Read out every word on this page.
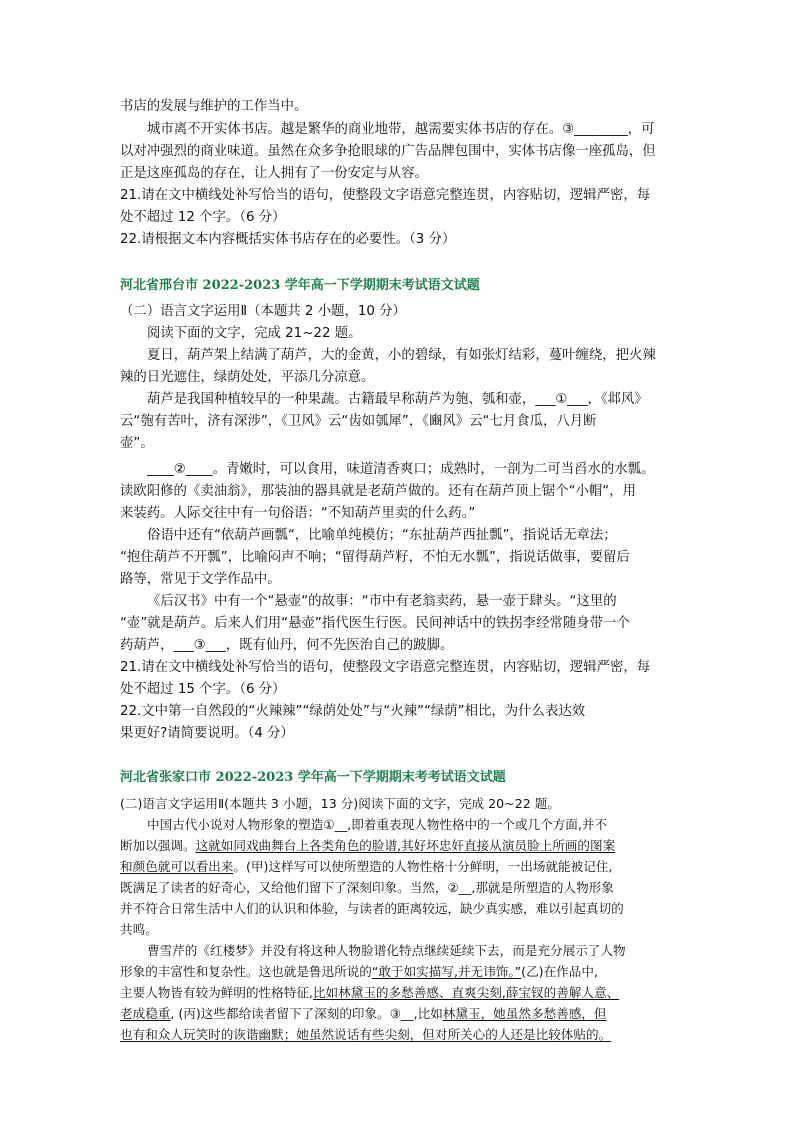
书店的发展与维护的工作当中。
城市离不开实体书店。越是繁华的商业地带，越需要实体书店的存在。③________，可
以对冲强烈的商业味道。虽然在众多争抢眼球的广告品牌包围中，实体书店像一座孤岛，但
正是这座孤岛的存在，让人拥有了一份安定与从容。
21.请在文中横线处补写恰当的语句，使整段文字语意完整连贯，内容贴切，逻辑严密，每
处不超过 12 个字。（6 分）
22.请根据文本内容概括实体书店存在的必要性。（3 分）
河北省邢台市 2022-2023 学年高一下学期期末考试语文试题
（二）语言文字运用Ⅱ（本题共 2 小题，10 分）
阅读下面的文字，完成 21~22 题。
夏日，葫芦架上结满了葫芦，大的金黄，小的碧绿，有如张灯结彩，蔓叶缠绕，把火辣
辣的日光遮住，绿荫处处，平添几分凉意。
葫芦是我国种植较早的一种果蔬。古籍最早称葫芦为匏、瓠和壶，___①___，《邶风》
云“匏有苦叶，济有深涉”，《卫风》云“齿如瓠犀”，《豳风》云“七月食瓜，八月断
壶”。
____②____。青嫩时，可以食用，味道清香爽口；成熟时，一剖为二可当舀水的水瓢。
读欧阳修的《卖油翁》，那装油的器具就是老葫芦做的。还有在葫芦顶上锯个“小帽“，用
来装药。人际交往中有一句俗语：“不知葫芦里卖的什么药。”
俗语中还有“依葫芦画瓢“，比喻单纯模仿；“东扯葫芦西扯瓢”，指说话无章法；
“抱住葫芦不开瓢”，比喻闷声不响；“留得葫芦籽，不怕无水瓢”，指说话做事，要留后
路等，常见于文学作品中。
《后汉书》中有一个“悬壶“的故事：“市中有老翁卖药，悬一壶于肆头。“这里的
“壶”就是葫芦。后来人们用“悬壶”指代医生行医。民间神话中的铁拐李经常随身带一个
药葫芦，___③___，既有仙丹，何不先医治自己的跛脚。
21.请在文中横线处补写恰当的语句，使整段文字语意完整连贯，内容贴切，逻辑严密，每
处不超过 15 个字。（6 分）
22.文中第一自然段的“火辣辣”“绿荫处处”与“火辣”“绿荫”相比，为什么表达效
果更好?请简要说明。（4 分）
河北省张家口市 2022-2023 学年高一下学期期末考考试语文试题
(二)语言文字运用Ⅱ(本题共 3 小题，13 分)阅读下面的文字，完成 20~22 题。
中国古代小说对人物形象的塑造①__,即着重表现人物性格中的一个或几个方面,并不
断加以强调。这就如同戏曲舞台上各类角色的脸谱,其好坏忠奸直接从演员脸上所画的图案
和颜色就可以看出来。(甲)这样写可以使所塑造的人物性格十分鲜明，一出场就能被记住,
既满足了读者的好奇心，又给他们留下了深刻印象。当然，②__,那就是所塑造的人物形象
并不符合日常生活中人们的认识和体验，与读者的距离较远，缺少真实感，难以引起真切的
共鸣。
曹雪芹的《红楼梦》并没有将这种人物脸谱化特点继续延续下去，而是充分展示了人物
形象的丰富性和复杂性。这也就是鲁迅所说的“敢于如实描写,并无讳饰。”(乙)在作品中,
主要人物皆有较为鲜明的性格特征,比如林黛玉的多愁善感、直爽尖刻,薛宝钗的善解人意、
老成稳重, (丙)这些都给读者留下了深刻的印象。③__,比如林黛玉，她虽然多愁善感，但
也有和众人玩笑时的诙谐幽默；她虽然说话有些尖刻，但对所关心的人还是比较体贴的。
